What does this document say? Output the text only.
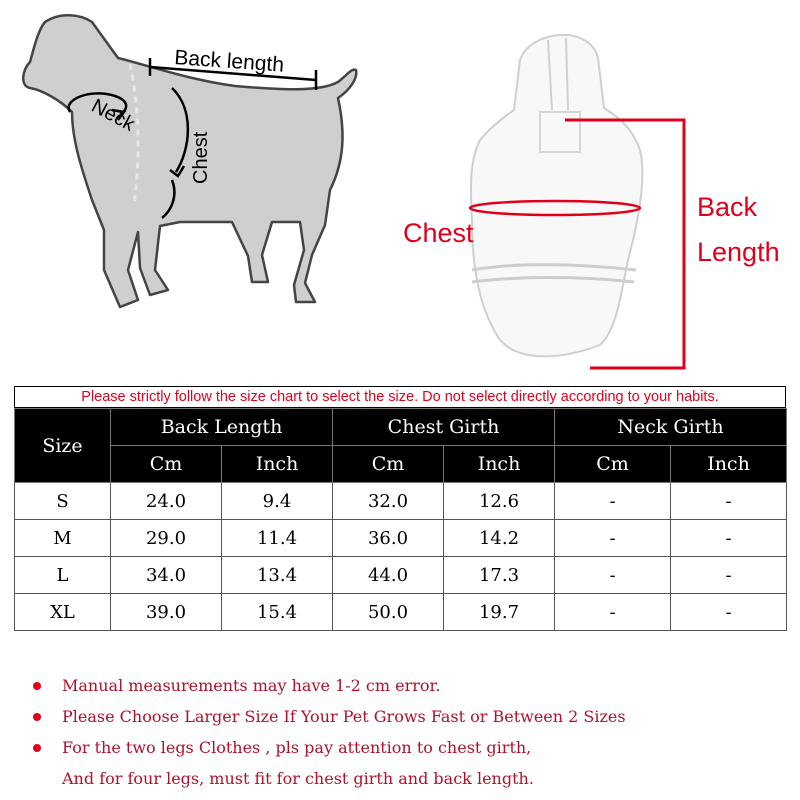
Back length
Neck
Chest
Chest
Back
Length
Please strictly follow the size chart to select the size. Do not select directly according to your habits.
Size	Back Length		Chest Girth		Neck Girth	
	Cm	Inch	Cm	Inch	Cm	Inch
S	24.0	9.4	32.0	12.6	-	-
M	29.0	11.4	36.0	14.2	-	-
L	34.0	13.4	44.0	17.3	-	-
XL	39.0	15.4	50.0	19.7	-	-
Manual measurements may have 1-2 cm error.
Please Choose Larger Size If Your Pet Grows Fast or Between 2 Sizes
For the two legs Clothes , pls pay attention to chest girth,
And for four legs, must fit for chest girth and back length.
